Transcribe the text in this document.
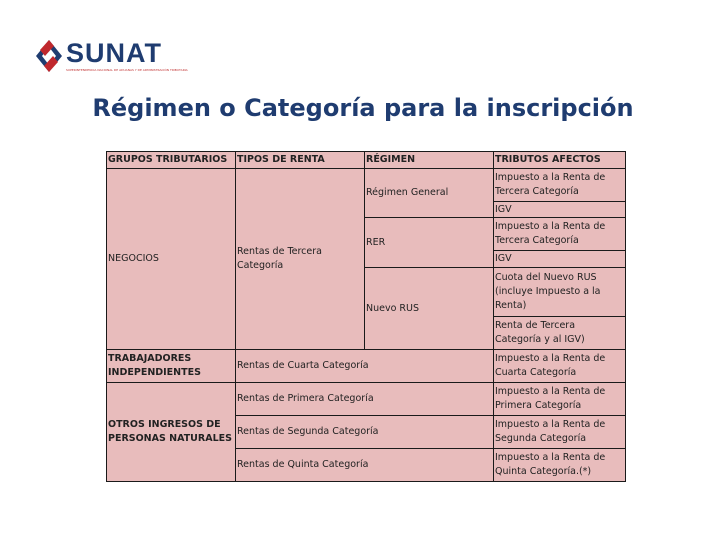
SUNAT
SUPERINTENDENCIA NACIONAL DE ADUANAS Y DE ADMINISTRACIÓN TRIBUTARIA
Régimen o Categoría para la inscripción
GRUPOS TRIBUTARIOS	TIPOS DE RENTA	RÉGIMEN	TRIBUTOS AFECTOS
NEGOCIOS	Rentas de Tercera Categoría	Régimen General	Impuesto a la Renta de Tercera Categoría
			IGV
		RER	Impuesto a la Renta de Tercera Categoría
			IGV
		Nuevo RUS	Cuota del Nuevo RUS (incluye Impuesto a la Renta)
			Renta de Tercera Categoría y al IGV)
TRABAJADORES INDEPENDIENTES	Rentas de Cuarta Categoría		Impuesto a la Renta de Cuarta Categoría
OTROS INGRESOS DE PERSONAS NATURALES	Rentas de Primera Categoría		Impuesto a la Renta de Primera Categoría
	Rentas de Segunda Categoría		Impuesto a la Renta de Segunda Categoría
	Rentas de Quinta Categoría		Impuesto a la Renta de Quinta Categoría.(*)
